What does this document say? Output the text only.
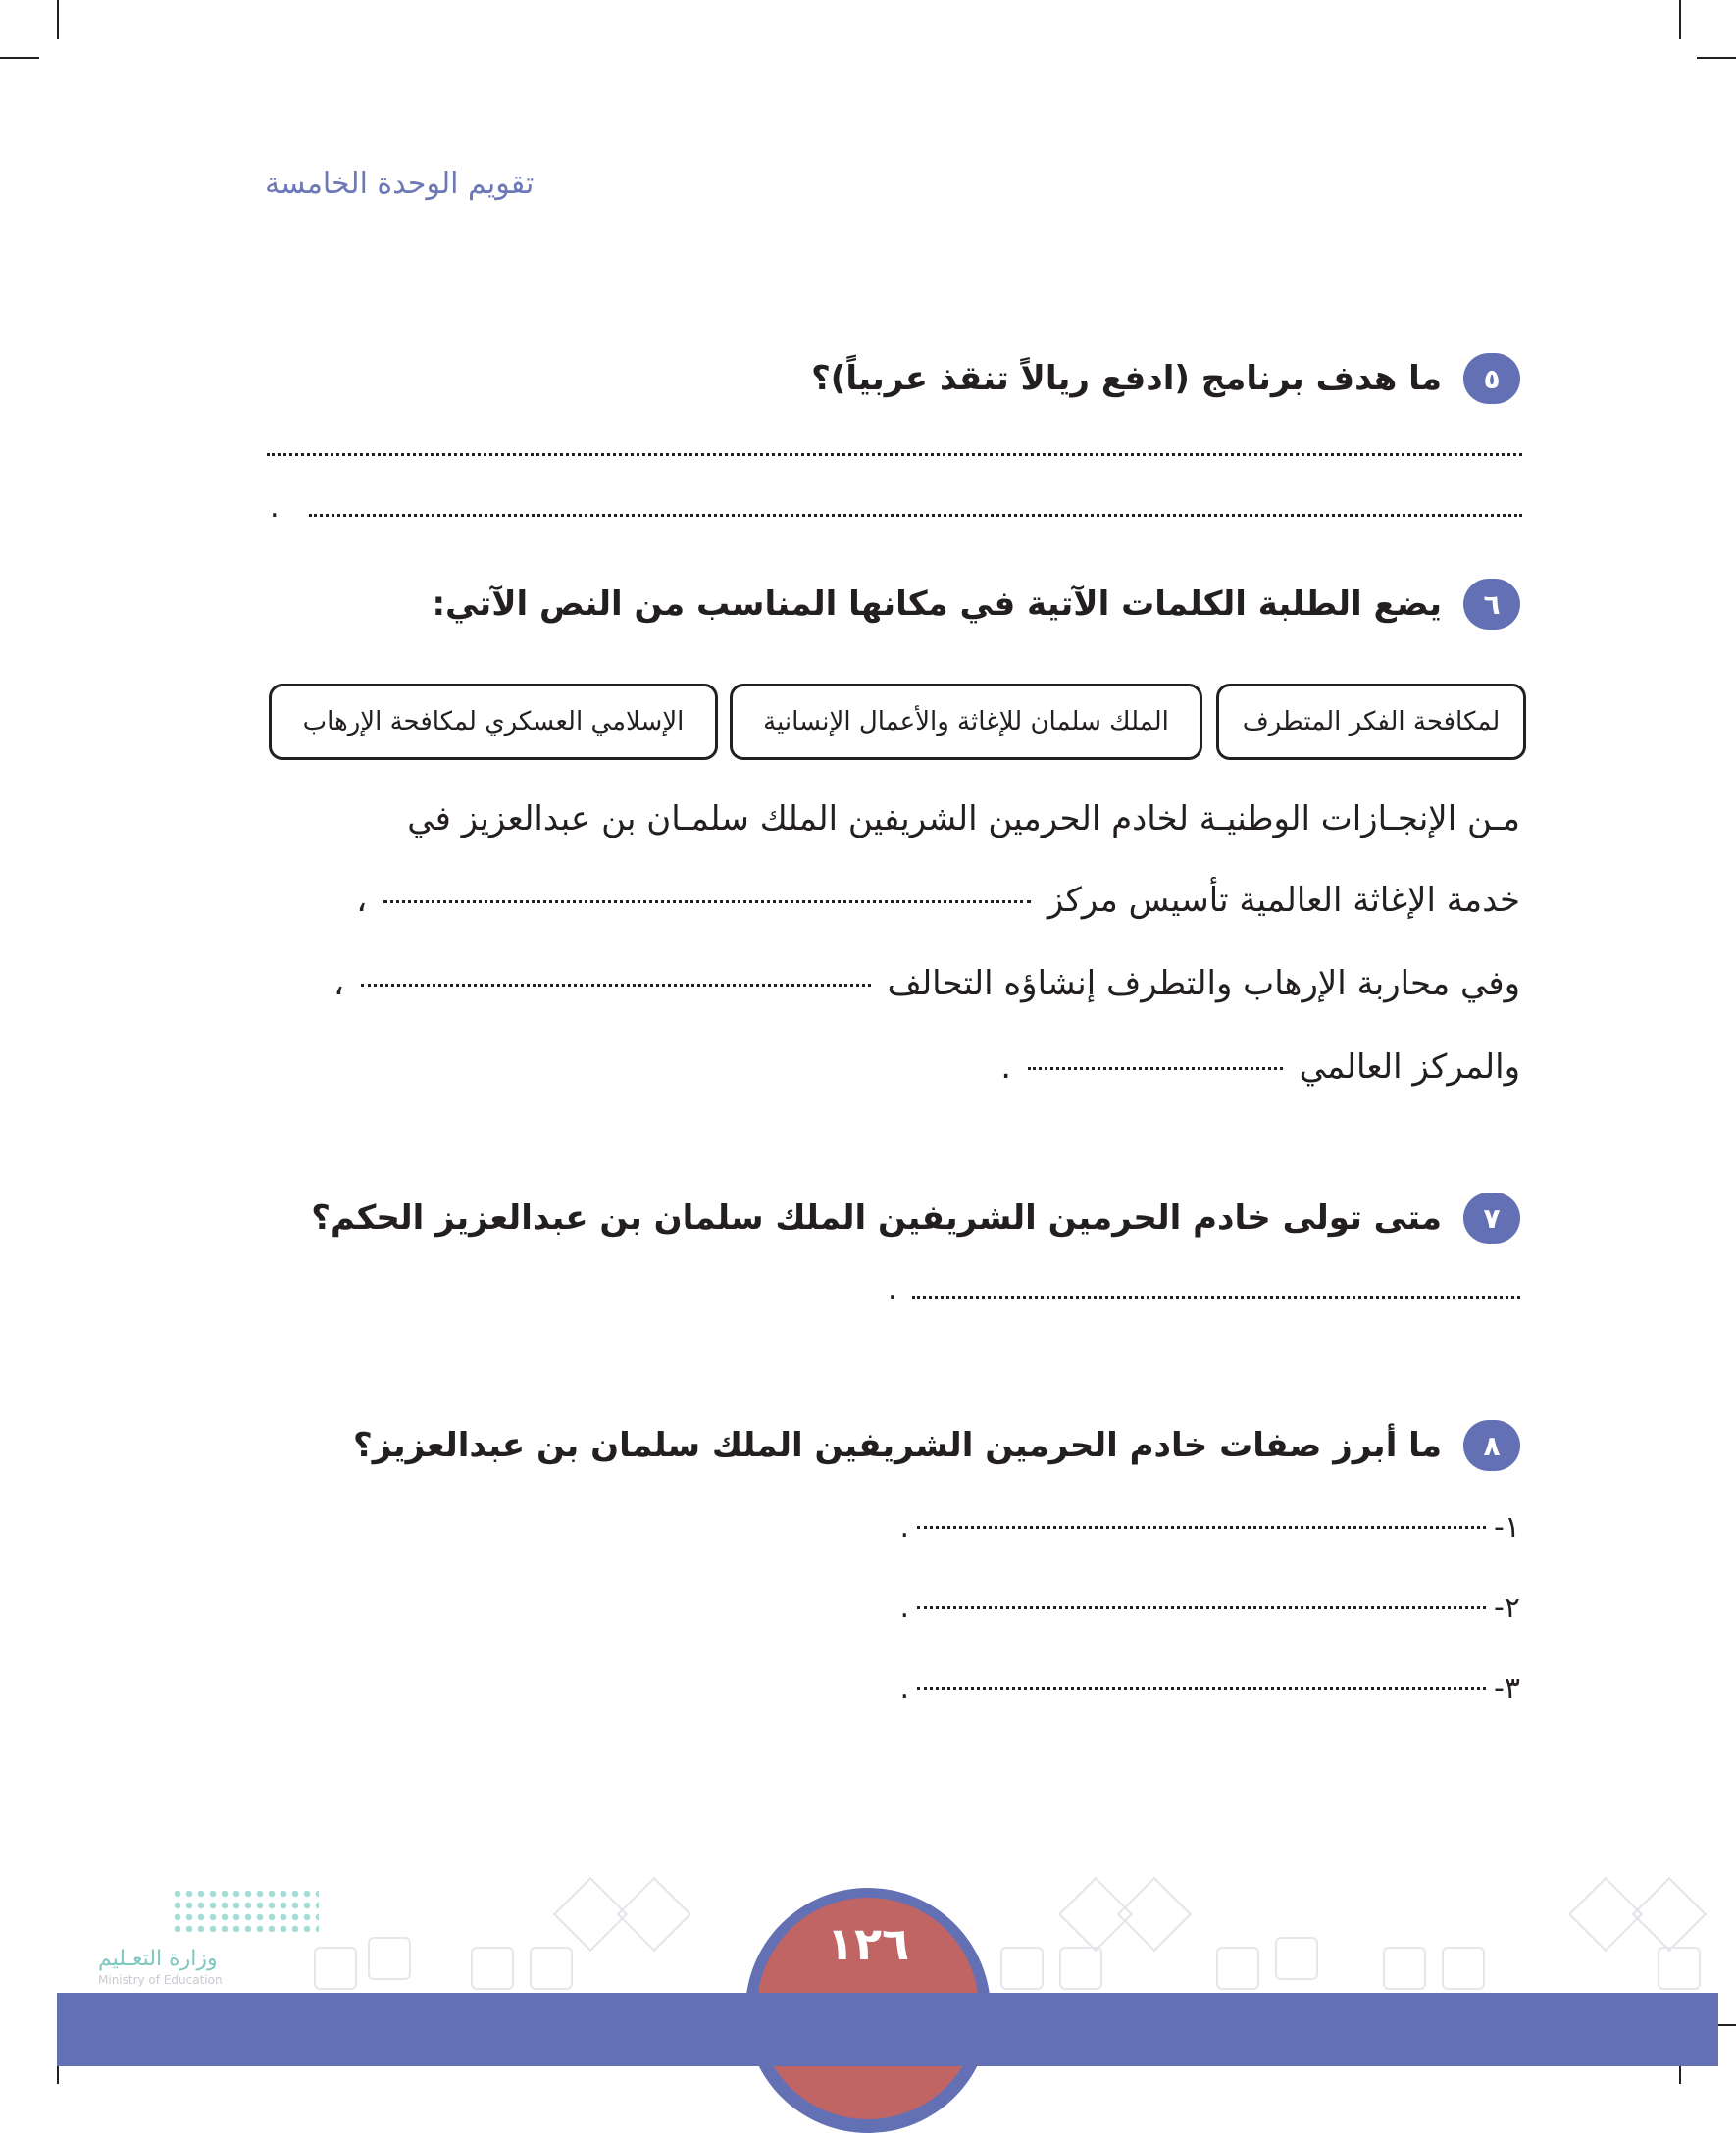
تقويم الوحدة الخامسة
٥
ما هدف برنامج (ادفع ريالاً تنقذ عربياً)؟
.
٦
يضع الطلبة الكلمات الآتية في مكانها المناسب من النص الآتي:
لمكافحة الفكر المتطرف
الملك سلمان للإغاثة والأعمال الإنسانية
الإسلامي العسكري لمكافحة الإرهاب
مـن الإنجـازات الوطنيـة لخادم الحرمين الشريفين الملك سلمـان بن عبدالعزيز في
خدمة الإغاثة العالمية تأسيس مركز  ،
وفي محاربة الإرهاب والتطرف إنشاؤه التحالف  ،
والمركز العالمي  .
٧
متى تولى خادم الحرمين الشريفين الملك سلمان بن عبدالعزيز الحكم؟
.
٨
ما أبرز صفات خادم الحرمين الشريفين الملك سلمان بن عبدالعزيز؟
١-
.
٢-
.
٣-
.
وزارة التعـليم
Ministry of Education
١٢٦
